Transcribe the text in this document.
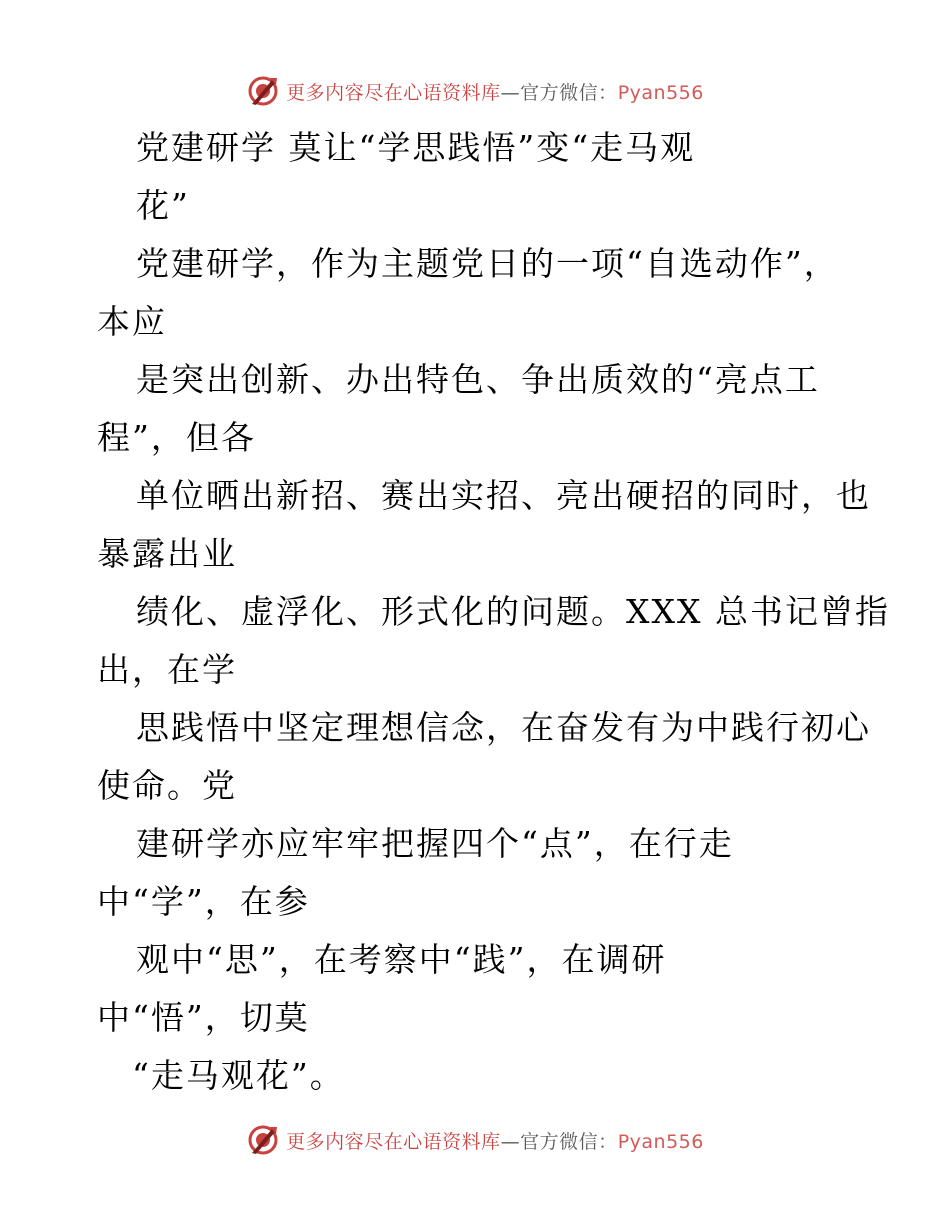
更多内容尽在心语资料库—官方微信：Pyan556
党建研学 莫让“学思践悟”变“走马观
花”
党建研学，作为主题党日的一项“自选动作”，
本应
是突出创新、办出特色、争出质效的“亮点工
程”，但各
单位晒出新招、赛出实招、亮出硬招的同时，也
暴露出业
绩化、虚浮化、形式化的问题。XXX 总书记曾指
出，在学
思践悟中坚定理想信念，在奋发有为中践行初心
使命。党
建研学亦应牢牢把握四个“点”，在行走
中“学”，在参
观中“思”，在考察中“践”，在调研
中“悟”，切莫
“走马观花”。
更多内容尽在心语资料库—官方微信：Pyan556
